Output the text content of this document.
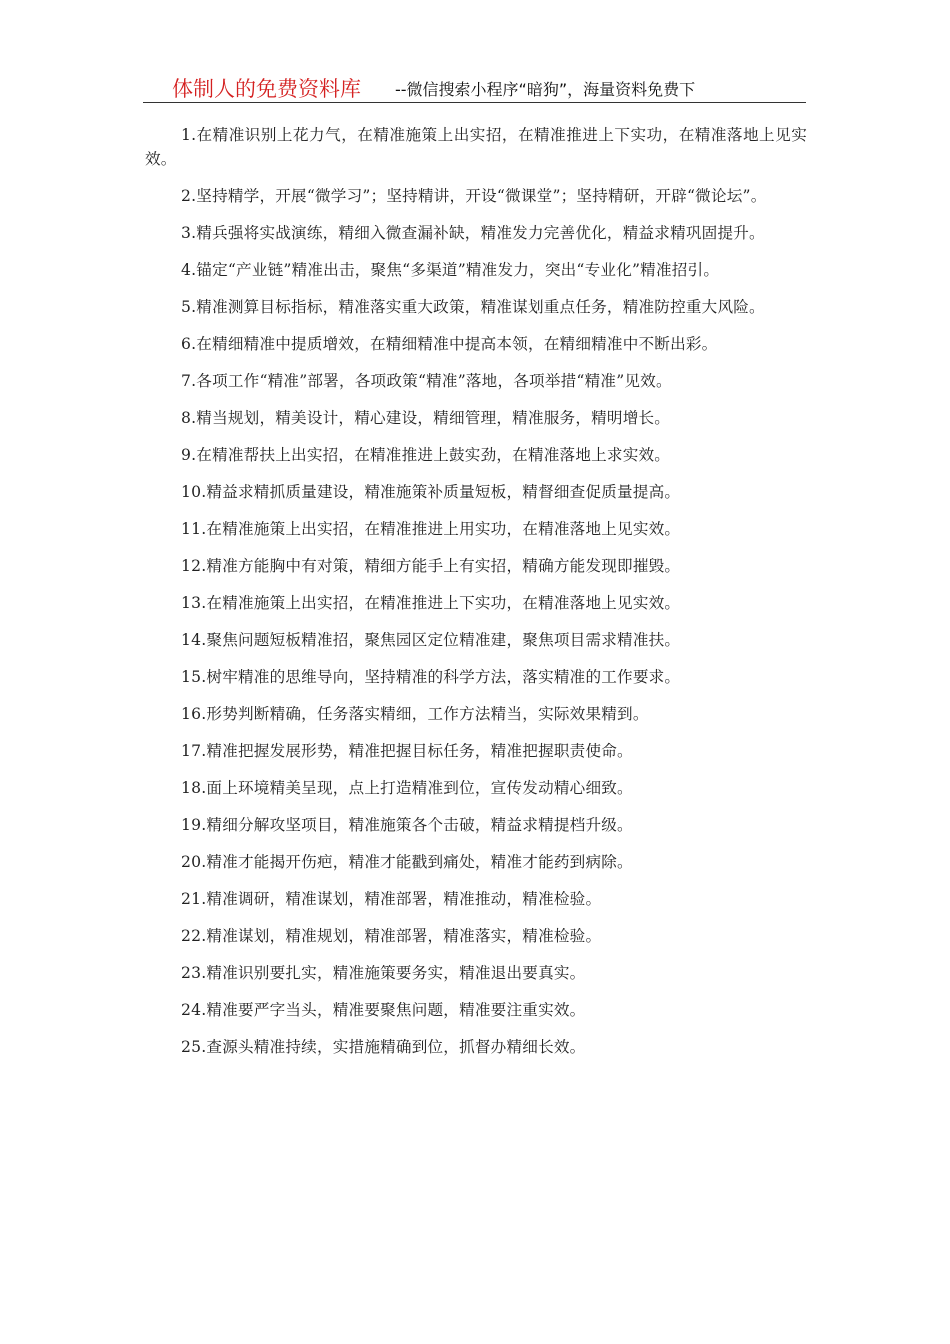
体制人的免费资料库 --微信搜索小程序“暗狗”，海量资料免费下

1.在精准识别上花力气，在精准施策上出实招，在精准推进上下实功，在精准落地上见实效。

2.坚持精学，开展“微学习”；坚持精讲，开设“微课堂”；坚持精研，开辟“微论坛”。

3.精兵强将实战演练，精细入微查漏补缺，精准发力完善优化，精益求精巩固提升。

4.锚定“产业链”精准出击，聚焦“多渠道”精准发力，突出“专业化”精准招引。

5.精准测算目标指标，精准落实重大政策，精准谋划重点任务，精准防控重大风险。

6.在精细精准中提质增效，在精细精准中提高本领，在精细精准中不断出彩。

7.各项工作“精准”部署，各项政策“精准”落地，各项举措“精准”见效。

8.精当规划，精美设计，精心建设，精细管理，精准服务，精明增长。

9.在精准帮扶上出实招，在精准推进上鼓实劲，在精准落地上求实效。

10.精益求精抓质量建设，精准施策补质量短板，精督细查促质量提高。

11.在精准施策上出实招，在精准推进上用实功，在精准落地上见实效。

12.精准方能胸中有对策，精细方能手上有实招，精确方能发现即摧毁。

13.在精准施策上出实招，在精准推进上下实功，在精准落地上见实效。

14.聚焦问题短板精准招，聚焦园区定位精准建，聚焦项目需求精准扶。

15.树牢精准的思维导向，坚持精准的科学方法，落实精准的工作要求。

16.形势判断精确，任务落实精细，工作方法精当，实际效果精到。

17.精准把握发展形势，精准把握目标任务，精准把握职责使命。

18.面上环境精美呈现，点上打造精准到位，宣传发动精心细致。

19.精细分解攻坚项目，精准施策各个击破，精益求精提档升级。

20.精准才能揭开伤疤，精准才能戳到痛处，精准才能药到病除。

21.精准调研，精准谋划，精准部署，精准推动，精准检验。

22.精准谋划，精准规划，精准部署，精准落实，精准检验。

23.精准识别要扎实，精准施策要务实，精准退出要真实。

24.精准要严字当头，精准要聚焦问题，精准要注重实效。

25.查源头精准持续，实措施精确到位，抓督办精细长效。
